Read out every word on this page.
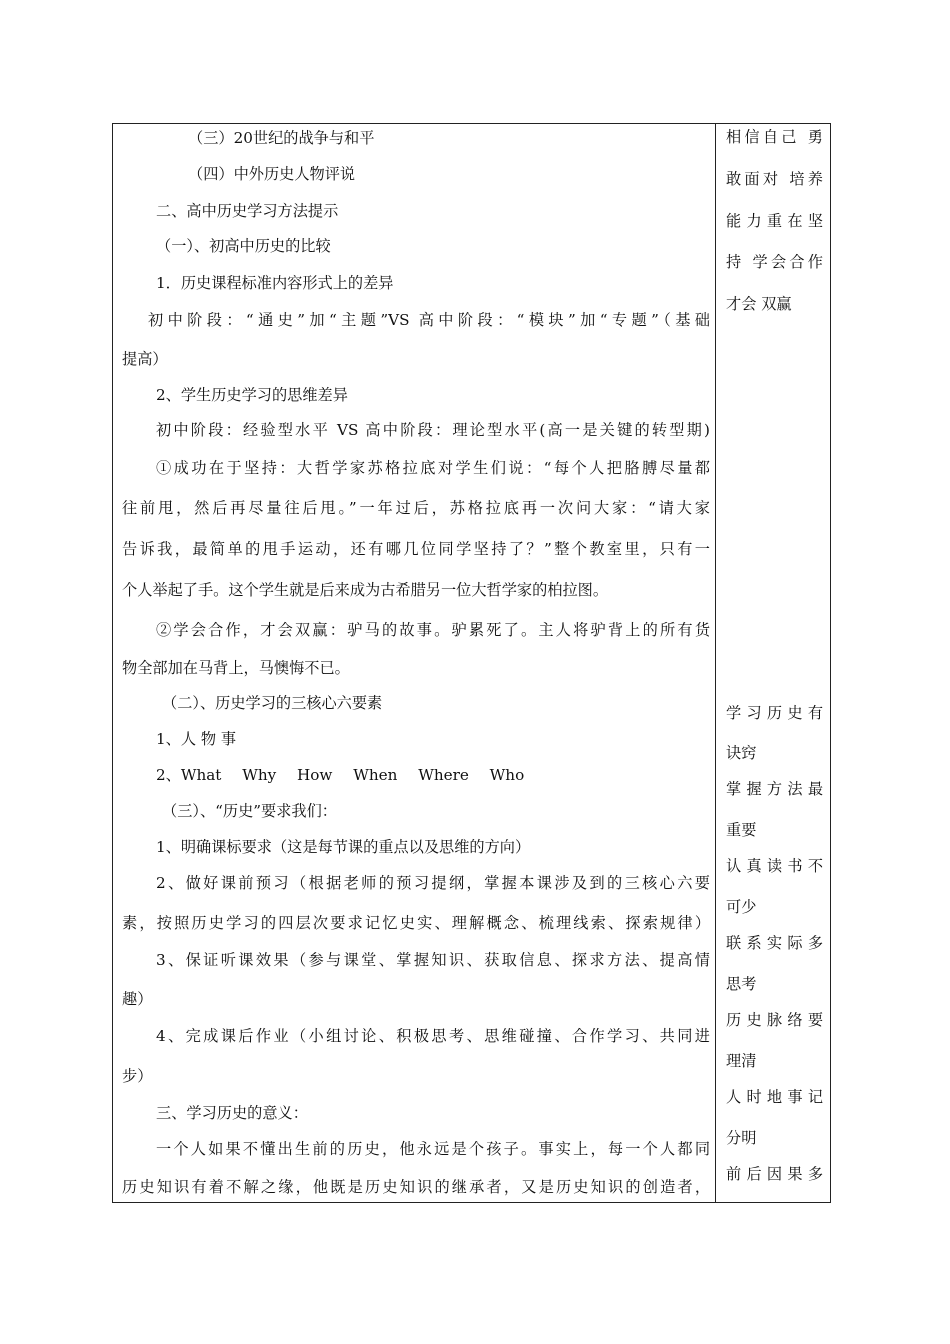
（三）20世纪的战争与和平
（四）中外历史人物评说
二、高中历史学习方法提示
（一）、初高中历史的比较
1．历史课程标准内容形式上的差异
初中阶段：“通史”加“主题”VS 高中阶段：“模块”加“专题”（基础
提高）
2、学生历史学习的思维差异
初中阶段：经验型水平 VS 高中阶段：理论型水平(高一是关键的转型期)
①成功在于坚持：大哲学家苏格拉底对学生们说：“每个人把胳膊尽量都
往前甩，然后再尽量往后甩。”一年过后，苏格拉底再一次问大家：“请大家
告诉我，最简单的甩手运动，还有哪几位同学坚持了？”整个教室里，只有一
个人举起了手。这个学生就是后来成为古希腊另一位大哲学家的柏拉图。
②学会合作，才会双赢：驴马的故事。驴累死了。主人将驴背上的所有货
物全部加在马背上，马懊悔不已。
（二）、历史学习的三核心六要素
1、人 物 事
2、What Why How When Where Who
（三）、“历史”要求我们：
1、明确课标要求（这是每节课的重点以及思维的方向）
2、做好课前预习（根据老师的预习提纲，掌握本课涉及到的三核心六要
素，按照历史学习的四层次要求记忆史实、理解概念、梳理线索、探索规律）
3、保证听课效果（参与课堂、掌握知识、获取信息、探求方法、提高情
趣）
4、完成课后作业（小组讨论、积极思考、思维碰撞、合作学习、共同进
步）
三、学习历史的意义：
一个人如果不懂出生前的历史，他永远是个孩子。事实上，每一个人都同
历史知识有着不解之缘，他既是历史知识的继承者，又是历史知识的创造者，
相信自己 勇
敢面对 培养
能力重在坚
持 学会合作
才会 双赢
学习历史有
诀窍
掌握方法最
重要
认真读书不
可少
联系实际多
思考
历史脉络要
理清
人时地事记
分明
前后因果多
